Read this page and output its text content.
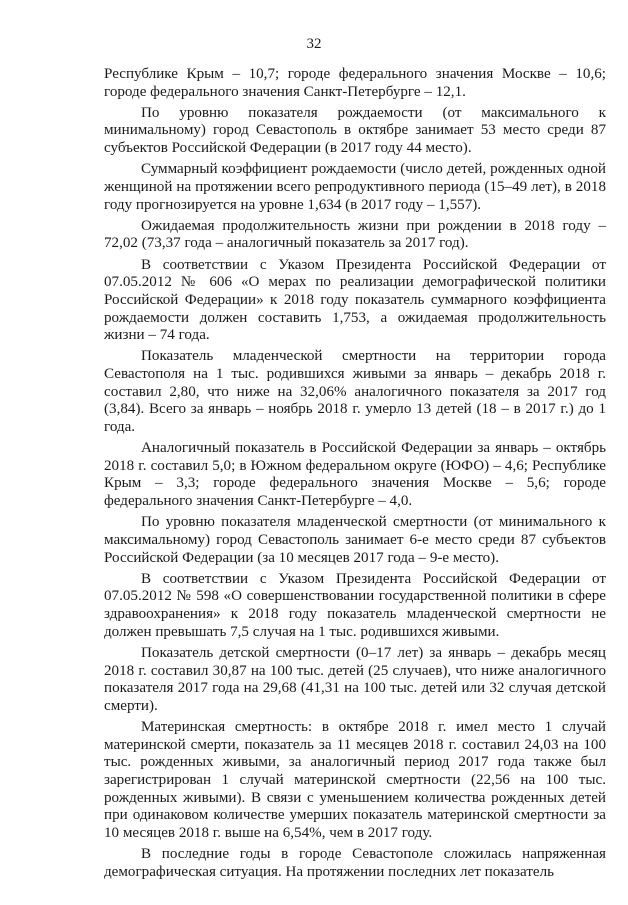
32

Республике Крым – 10,7; городе федерального значения Москве – 10,6; городе федерального значения Санкт-Петербурге – 12,1.

По уровню показателя рождаемости (от максимального к минимальному) город Севастополь в октябре занимает 53 место среди 87 субъектов Российской Федерации (в 2017 году 44 место).

Суммарный коэффициент рождаемости (число детей, рожденных одной женщиной на протяжении всего репродуктивного периода (15–49 лет), в 2018 году прогнозируется на уровне 1,634 (в 2017 году – 1,557).

Ожидаемая продолжительность жизни при рождении в 2018 году – 72,02 (73,37 года – аналогичный показатель за 2017 год).

В соответствии с Указом Президента Российской Федерации от 07.05.2012 № 606 «О мерах по реализации демографической политики Российской Федерации» к 2018 году показатель суммарного коэффициента рождаемости должен составить 1,753, а ожидаемая продолжительность жизни – 74 года.

Показатель младенческой смертности на территории города Севастополя на 1 тыс. родившихся живыми за январь – декабрь 2018 г. составил 2,80, что ниже на 32,06% аналогичного показателя за 2017 год (3,84). Всего за январь – ноябрь 2018 г. умерло 13 детей (18 – в 2017 г.) до 1 года.

Аналогичный показатель в Российской Федерации за январь – октябрь 2018 г. составил 5,0; в Южном федеральном округе (ЮФО) – 4,6; Республике Крым – 3,3; городе федерального значения Москве – 5,6; городе федерального значения Санкт-Петербурге – 4,0.

По уровню показателя младенческой смертности (от минимального к максимальному) город Севастополь занимает 6-е место среди 87 субъектов Российской Федерации (за 10 месяцев 2017 года – 9-е место).

В соответствии с Указом Президента Российской Федерации от 07.05.2012 № 598 «О совершенствовании государственной политики в сфере здравоохранения» к 2018 году показатель младенческой смертности не должен превышать 7,5 случая на 1 тыс. родившихся живыми.

Показатель детской смертности (0–17 лет) за январь – декабрь месяц 2018 г. составил 30,87 на 100 тыс. детей (25 случаев), что ниже аналогичного показателя 2017 года на 29,68 (41,31 на 100 тыс. детей или 32 случая детской смерти).

Материнская смертность: в октябре 2018 г. имел место 1 случай материнской смерти, показатель за 11 месяцев 2018 г. составил 24,03 на 100 тыс. рожденных живыми, за аналогичный период 2017 года также был зарегистрирован 1 случай материнской смертности (22,56 на 100 тыс. рожденных живыми). В связи с уменьшением количества рожденных детей при одинаковом количестве умерших показатель материнской смертности за 10 месяцев 2018 г. выше на 6,54%, чем в 2017 году.

В последние годы в городе Севастополе сложилась напряженная демографическая ситуация. На протяжении последних лет показатель
